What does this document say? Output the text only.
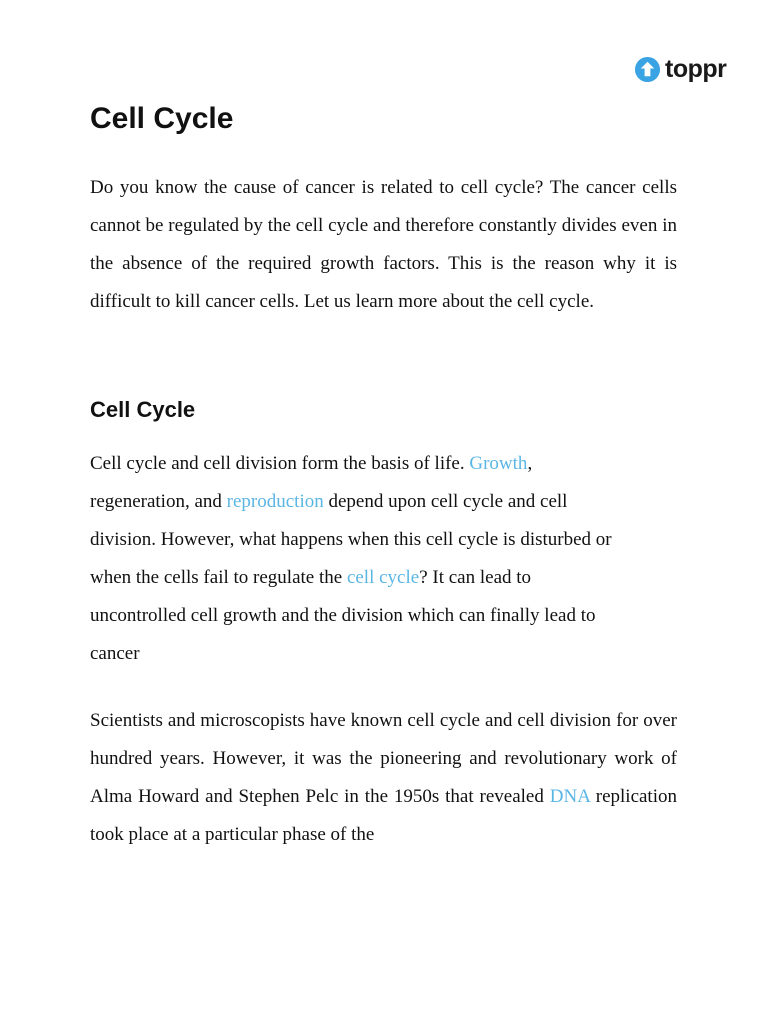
toppr
Cell Cycle

Do you know the cause of cancer is related to cell cycle? The cancer cells cannot be regulated by the cell cycle and therefore constantly divides even in the absence of the required growth factors. This is the reason why it is difficult to kill cancer cells. Let us learn more about the cell cycle.

Cell Cycle

Cell cycle and cell division form the basis of life. Growth,
regeneration, and reproduction depend upon cell cycle and cell
division. However, what happens when this cell cycle is disturbed or
when the cells fail to regulate the cell cycle? It can lead to
uncontrolled cell growth and the division which can finally lead to
cancer

Scientists and microscopists have known cell cycle and cell division for over hundred years. However, it was the pioneering and revolutionary work of Alma Howard and Stephen Pelc in the 1950s that revealed DNA replication took place at a particular phase of the
